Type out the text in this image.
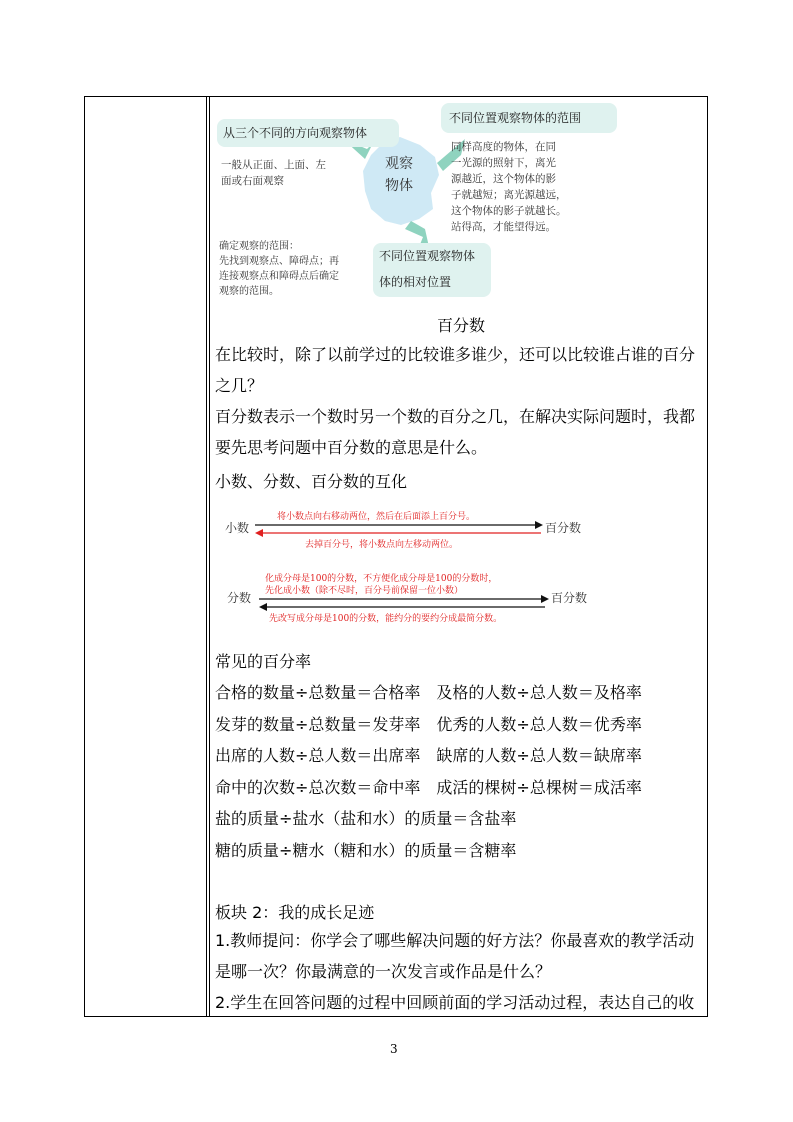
从三个不同的方向观察物体
不同位置观察物体的范围
不同位置观察物体
体的相对位置
观察
物体
一般从正面、上面、左
面或右面观察
同样高度的物体，在同
一光源的照射下，离光
源越近，这个物体的影
子就越短；离光源越远，
这个物体的影子就越长。
站得高，才能望得远。
确定观察的范围：
先找到观察点、障碍点；再
连接观察点和障碍点后确定
观察的范围。
百分数
在比较时，除了以前学过的比较谁多谁少，还可以比较谁占谁的百分之几？
百分数表示一个数时另一个数的百分之几，在解决实际问题时，我都要先思考问题中百分数的意思是什么。
小数、分数、百分数的互化
小数	百分数
将小数点向右移动两位，然后在后面添上百分号。
去掉百分号，将小数点向左移动两位。
分数	百分数
化成分母是100的分数，不方便化成分母是100的分数时，
先化成小数（除不尽时，百分号前保留一位小数）
先改写成分母是100的分数，能约分的要约分成最简分数。
常见的百分率
合格的数量÷总数量＝合格率　及格的人数÷总人数＝及格率
发芽的数量÷总数量＝发芽率　优秀的人数÷总人数＝优秀率
出席的人数÷总人数＝出席率　缺席的人数÷总人数＝缺席率
命中的次数÷总次数＝命中率　成活的棵树÷总棵树＝成活率
盐的质量÷盐水（盐和水）的质量＝含盐率
糖的质量÷糖水（糖和水）的质量＝含糖率
板块 2：我的成长足迹
1.教师提问：你学会了哪些解决问题的好方法？你最喜欢的教学活动是哪一次？你最满意的一次发言或作品是什么？
2.学生在回答问题的过程中回顾前面的学习活动过程，表达自己的收
3
